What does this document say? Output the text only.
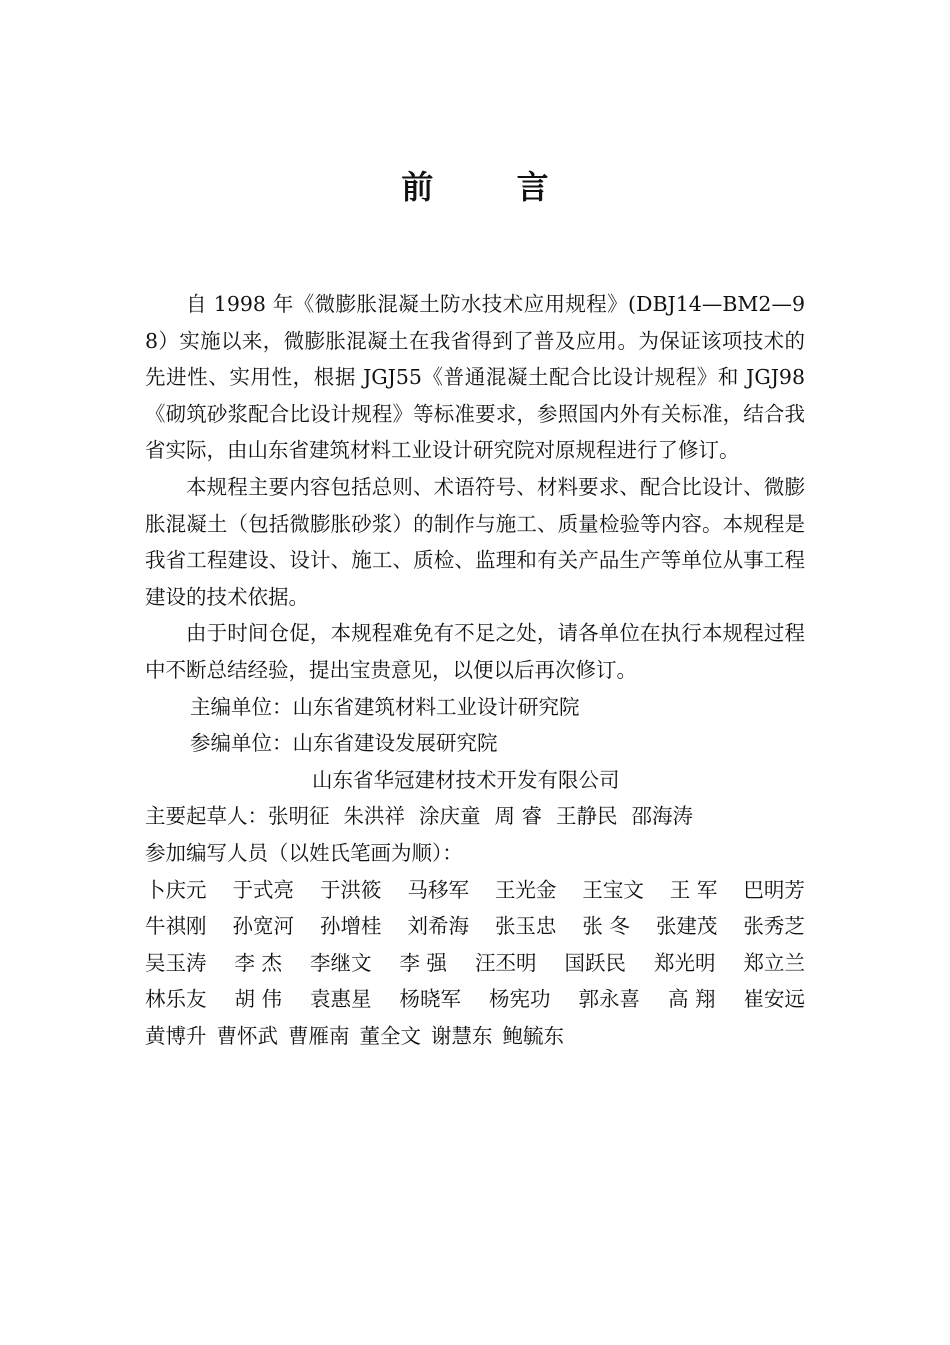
前 言

自 1998 年《微膨胀混凝土防水技术应用规程》(DBJ14—BM2—98）实施以来，微膨胀混凝土在我省得到了普及应用。为保证该项技术的先进性、实用性，根据 JGJ55《普通混凝土配合比设计规程》和 JGJ98《砌筑砂浆配合比设计规程》等标准要求，参照国内外有关标准，结合我省实际，由山东省建筑材料工业设计研究院对原规程进行了修订。

本规程主要内容包括总则、术语符号、材料要求、配合比设计、微膨胀混凝土（包括微膨胀砂浆）的制作与施工、质量检验等内容。本规程是我省工程建设、设计、施工、质检、监理和有关产品生产等单位从事工程建设的技术依据。

由于时间仓促，本规程难免有不足之处，请各单位在执行本规程过程中不断总结经验，提出宝贵意见，以便以后再次修订。

主编单位：山东省建筑材料工业设计研究院

参编单位：山东省建设发展研究院

山东省华冠建材技术开发有限公司

主要起草人：张明征 朱洪祥 涂庆童 周 睿 王静民 邵海涛

参加编写人员（以姓氏笔画为顺）：

卜庆元 于式亮 于洪筱 马移军 王光金 王宝文 王 军 巴明芳
牛祺刚 孙宽河 孙增桂 刘希海 张玉忠 张 冬 张建茂 张秀芝
吴玉涛 李 杰 李继文 李 强 汪丕明 国跃民 郑光明 郑立兰
林乐友 胡 伟 袁惠星 杨晓军 杨宪功 郭永喜 高 翔 崔安远
黄博升 曹怀武 曹雁南 董全文 谢慧东 鲍毓东
